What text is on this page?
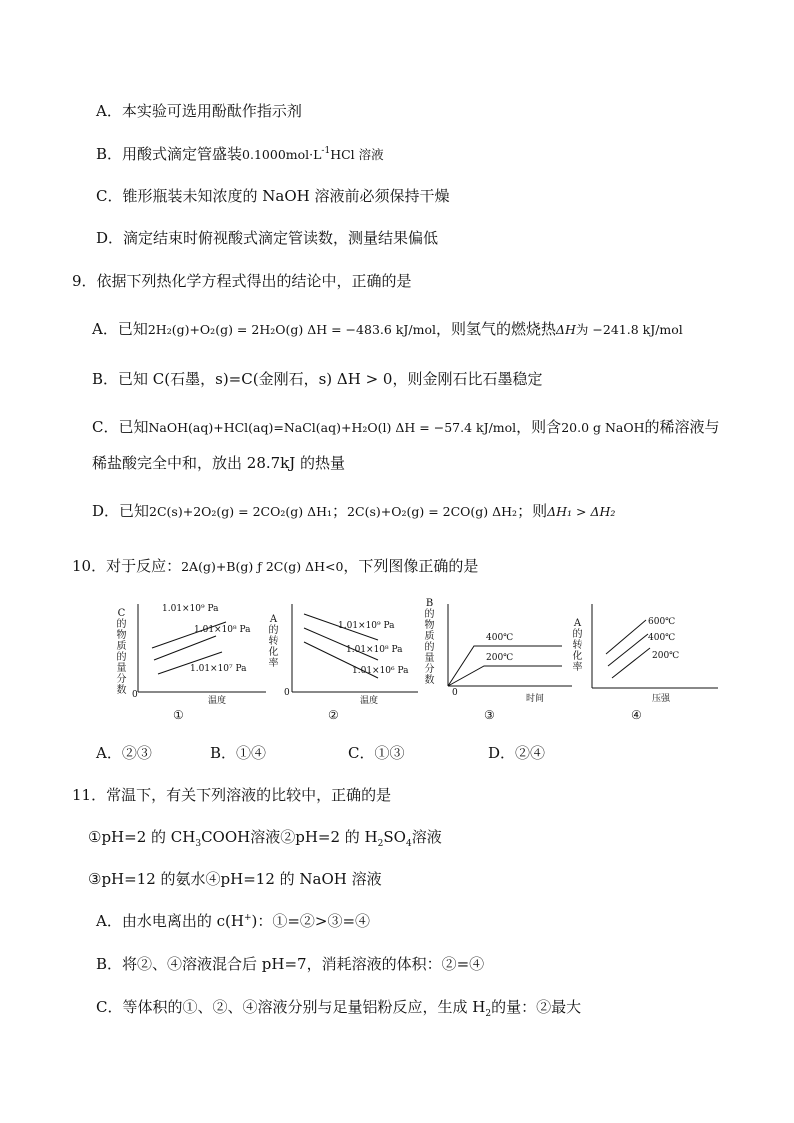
A．本实验可选用酚酞作指示剂
B．用酸式滴定管盛装$0.1000mol\cdot L^{-1}HCl$ 溶液
C．锥形瓶装未知浓度的 NaOH 溶液前必须保持干燥
D．滴定结束时俯视酸式滴定管读数，测量结果偏低
9．依据下列热化学方程式得出的结论中，正确的是
A．已知2H₂(g)+O₂(g) = 2H₂O(g) ΔH = −483.6 kJ/mol，则氢气的燃烧热ΔH为 −241.8 kJ/mol
B．已知 C(石墨，s)=C(金刚石，s) ΔH > 0，则金刚石比石墨稳定
C．已知NaOH(aq)+HCl(aq)=NaCl(aq)+H₂O(l) ΔH = −57.4 kJ/mol，则含20.0 g NaOH的稀溶液与
稀盐酸完全中和，放出 28.7kJ 的热量
D．已知2C(s)+2O₂(g) = 2CO₂(g) ΔH₁；2C(s)+O₂(g) = 2CO(g) ΔH₂；则ΔH₁ > ΔH₂
10．对于反应：2A(g)+B(g) ƒ 2C(g) ΔH<0，下列图像正确的是
C
的
物
质
的
量
分
数
1.01×10⁹ Pa
1.01×10⁸ Pa
1.01×10⁷ Pa
0
温度
①
A
的
转
化
率
1.01×10⁹ Pa
1.01×10⁸ Pa
1.01×10⁶ Pa
0
温度
②
B
的
物
质
的
量
分
数
400℃
200℃
0
时间
③
A
的
转
化
率
600℃
400℃
200℃
压强
④
A．②③	B．①④	C．①③	D．②④
11．常温下，有关下列溶液的比较中，正确的是
①pH=2 的 $CH_3COOH$溶液②pH=2 的 $H_2SO_4$溶液
③pH=12 的氨水④pH=12 的 NaOH 溶液
A．由水电离出的 c(H+)：①=②>③=④
B．将②、④溶液混合后 pH=7，消耗溶液的体积：②=④
C．等体积的①、②、④溶液分别与足量铝粉反应，生成 $H_2$的量：②最大
